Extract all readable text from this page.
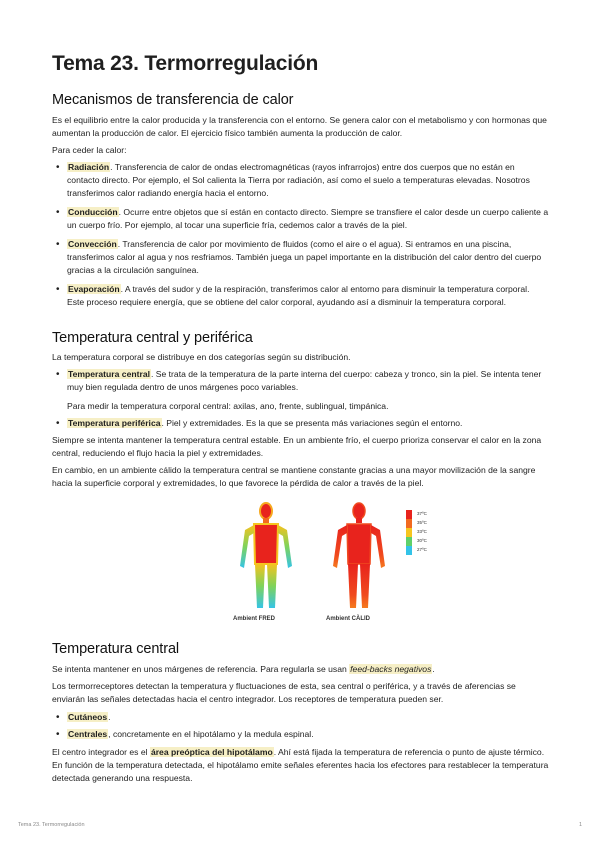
Tema 23. Termorregulación
Mecanismos de transferencia de calor

Es el equilibrio entre la calor producida y la transferencia con el entorno. Se genera calor con el metabolismo y con hormonas que aumentan la producción de calor. El ejercicio físico también aumenta la producción de calor.

Para ceder la calor:

• Radiación. Transferencia de calor de ondas electromagnéticas (rayos infrarrojos) entre dos cuerpos que no están en contacto directo. Por ejemplo, el Sol calienta la Tierra por radiación, así como el suelo a temperaturas elevadas. Nosotros transferimos calor radiando energía hacia el entorno.
• Conducción. Ocurre entre objetos que sí están en contacto directo. Siempre se transfiere el calor desde un cuerpo caliente a un cuerpo frío. Por ejemplo, al tocar una superficie fría, cedemos calor a través de la piel.
• Convección. Transferencia de calor por movimiento de fluidos (como el aire o el agua). Si entramos en una piscina, transferimos calor al agua y nos resfriamos. También juega un papel importante en la distribución del calor dentro del cuerpo gracias a la circulación sanguínea.
• Evaporación. A través del sudor y de la respiración, transferimos calor al entorno para disminuir la temperatura corporal. Este proceso requiere energía, que se obtiene del calor corporal, ayudando así a disminuir la temperatura corporal.
Temperatura central y periférica

La temperatura corporal se distribuye en dos categorías según su distribución.

• Temperatura central. Se trata de la temperatura de la parte interna del cuerpo: cabeza y tronco, sin la piel. Se intenta tener muy bien regulada dentro de unos márgenes poco variables.
Para medir la temperatura corporal central: axilas, ano, frente, sublingual, timpánica.
• Temperatura periférica. Piel y extremidades. Es la que se presenta más variaciones según el entorno.

Siempre se intenta mantener la temperatura central estable. En un ambiente frío, el cuerpo prioriza conservar el calor en la zona central, reduciendo el flujo hacia la piel y extremidades.

En cambio, en un ambiente cálido la temperatura central se mantiene constante gracias a una mayor movilización de la sangre hacia la superficie corporal y extremidades, lo que favorece la pérdida de calor a través de la piel.

37ºC
35ºC
33ºC
30ºC
27ºC
Ambient FRED	Ambient CÀLID
Temperatura central

Se intenta mantener en unos márgenes de referencia. Para regularla se usan feed-backs negativos.

Los termorreceptores detectan la temperatura y fluctuaciones de esta, sea central o periférica, y a través de aferencias se enviarán las señales detectadas hacia el centro integrador. Los receptores de temperatura pueden ser.

• Cutáneos.
• Centrales, concretamente en el hipotálamo y la medula espinal.

El centro integrador es el área preóptica del hipotálamo. Ahí está fijada la temperatura de referencia o punto de ajuste térmico. En función de la temperatura detectada, el hipotálamo emite señales eferentes hacia los efectores para restablecer la temperatura detectada generando una respuesta.

Tema 23. Termorregulación	1
